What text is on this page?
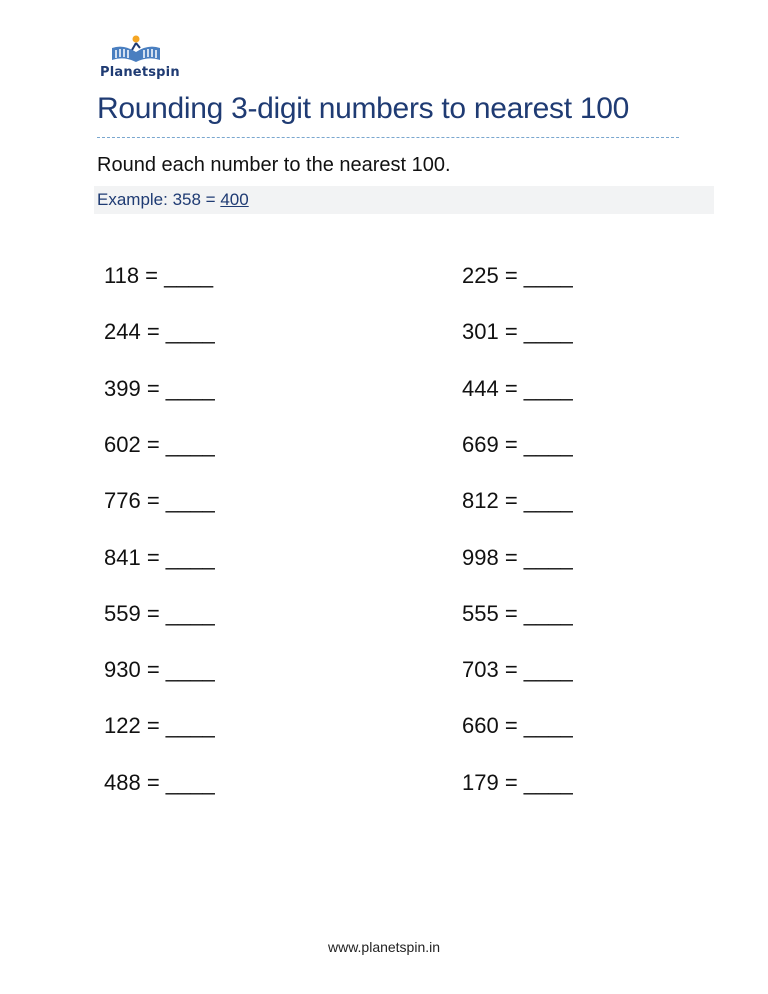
Planetspin
Rounding 3-digit numbers to nearest 100
Round each number to the nearest 100.
Example: 358 = 400
118 = ____	225 = ____
244 = ____	301 = ____
399 = ____	444 = ____
602 = ____	669 = ____
776 = ____	812 = ____
841 = ____	998 = ____
559 = ____	555 = ____
930 = ____	703 = ____
122 = ____	660 = ____
488 = ____	179 = ____
www.planetspin.in
